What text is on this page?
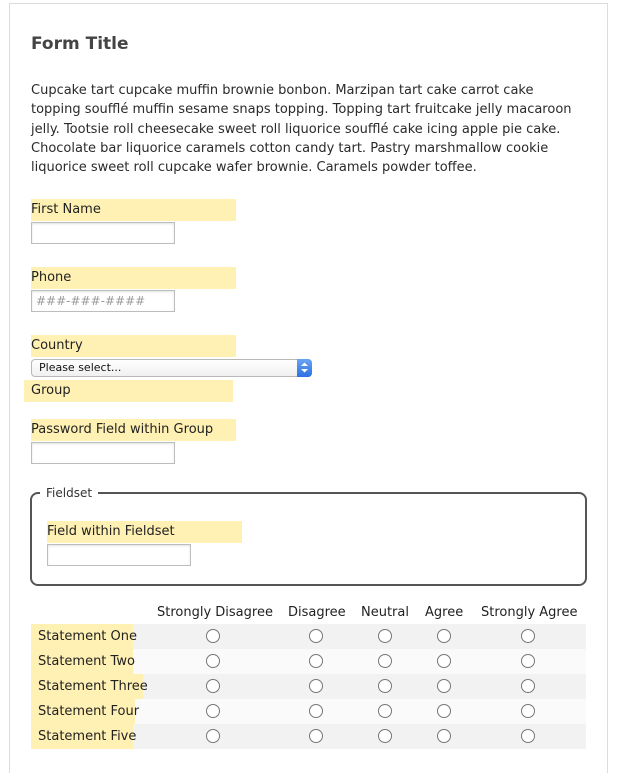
Form Title
Cupcake tart cupcake muffin brownie bonbon. Marzipan tart cake carrot cake topping soufflé muffin sesame snaps topping. Topping tart fruitcake jelly macaroon jelly. Tootsie roll cheesecake sweet roll liquorice soufflé cake icing apple pie cake. Chocolate bar liquorice caramels cotton candy tart. Pastry marshmallow cookie liquorice sweet roll cupcake wafer brownie. Caramels powder toffee.
First Name
Phone
###-###-####
Country
Please select...
Group
Password Field within Group
Fieldset
Field within Fieldset
Strongly Disagree Disagree Neutral Agree Strongly Agree
Statement One
Statement Two
Statement Three
Statement Four
Statement Five
